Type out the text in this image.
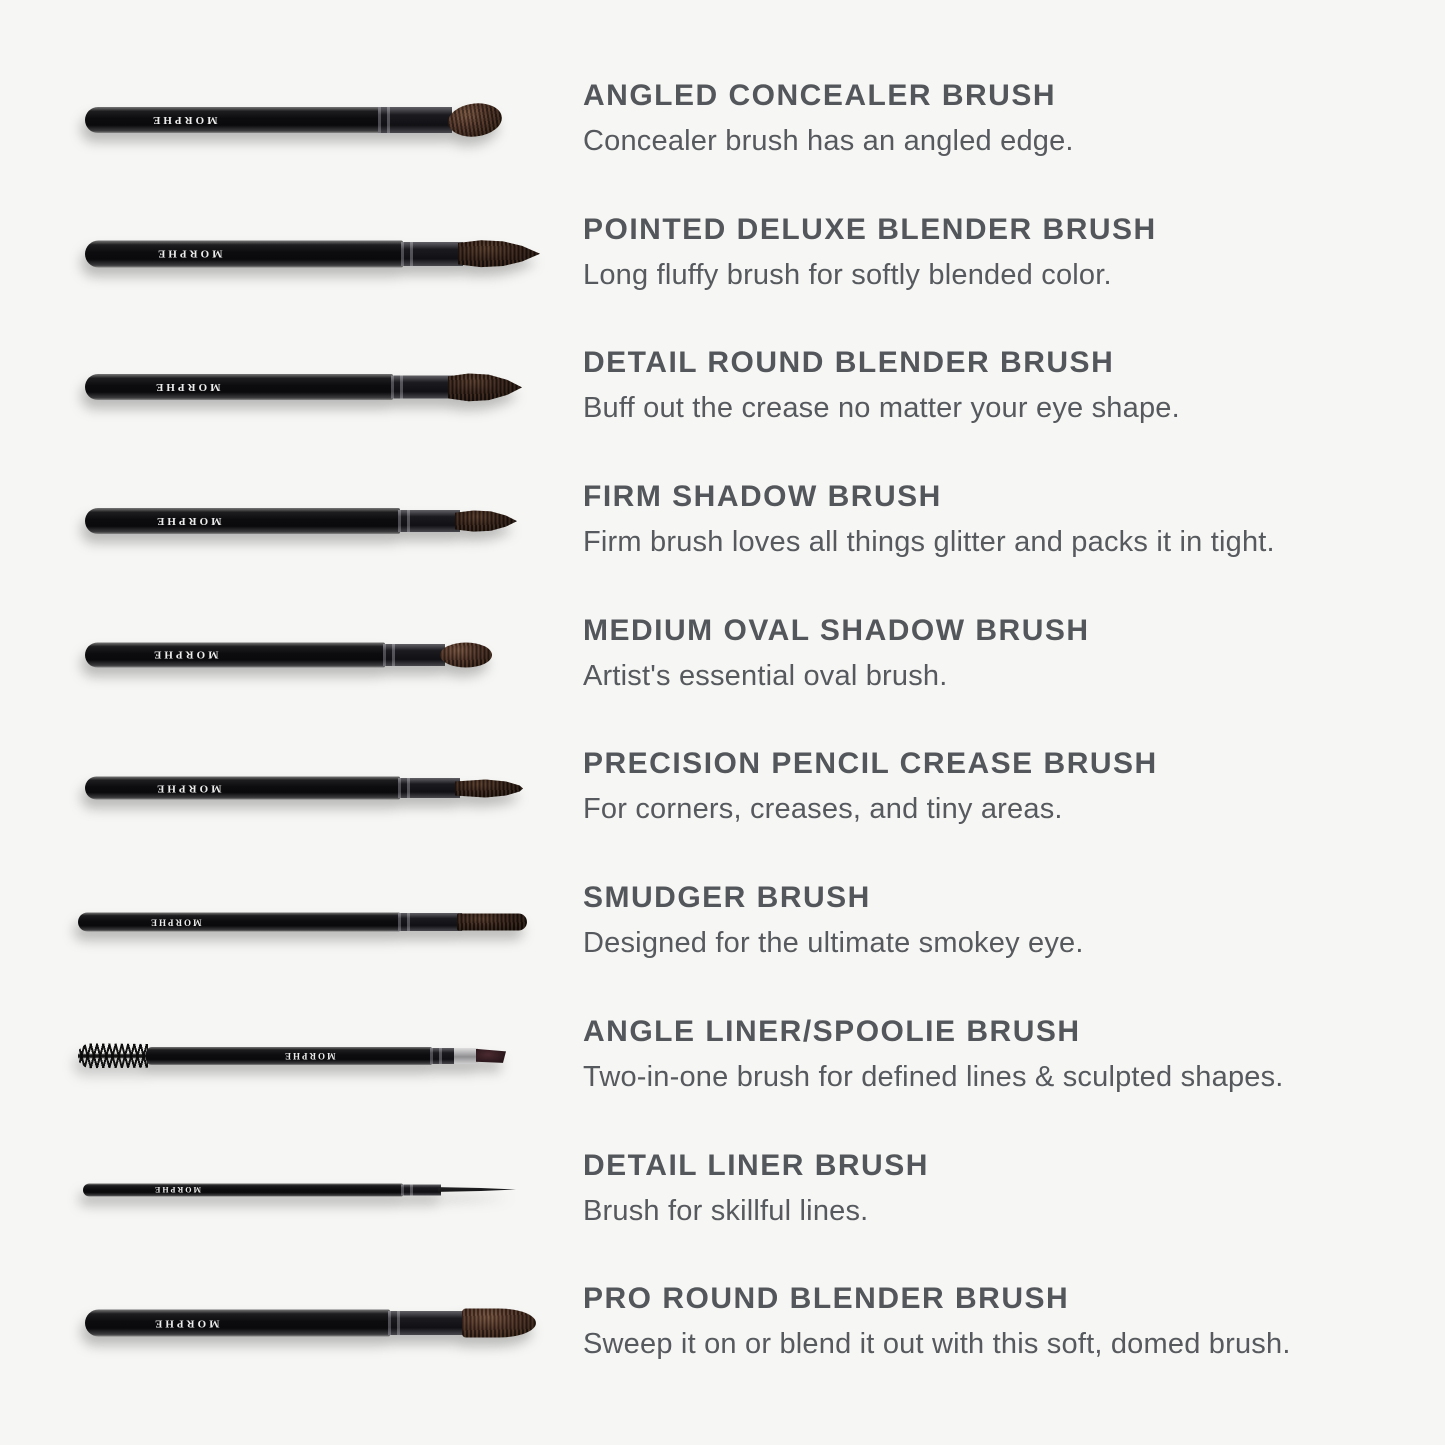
MORPHE
ANGLED CONCEALER BRUSH

Concealer brush has an angled edge.

MORPHE
POINTED DELUXE BLENDER BRUSH

Long fluffy brush for softly blended color.

MORPHE
DETAIL ROUND BLENDER BRUSH

Buff out the crease no matter your eye shape.

MORPHE
FIRM SHADOW BRUSH

Firm brush loves all things glitter and packs it in tight.

MORPHE
MEDIUM OVAL SHADOW BRUSH

Artist's essential oval brush.

MORPHE
PRECISION PENCIL CREASE BRUSH

For corners, creases, and tiny areas.

MORPHE
SMUDGER BRUSH

Designed for the ultimate smokey eye.

MORPHE
ANGLE LINER/SPOOLIE BRUSH

Two-in-one brush for defined lines & sculpted shapes.

MORPHE
DETAIL LINER BRUSH

Brush for skillful lines.

MORPHE
PRO ROUND BLENDER BRUSH

Sweep it on or blend it out with this soft, domed brush.
